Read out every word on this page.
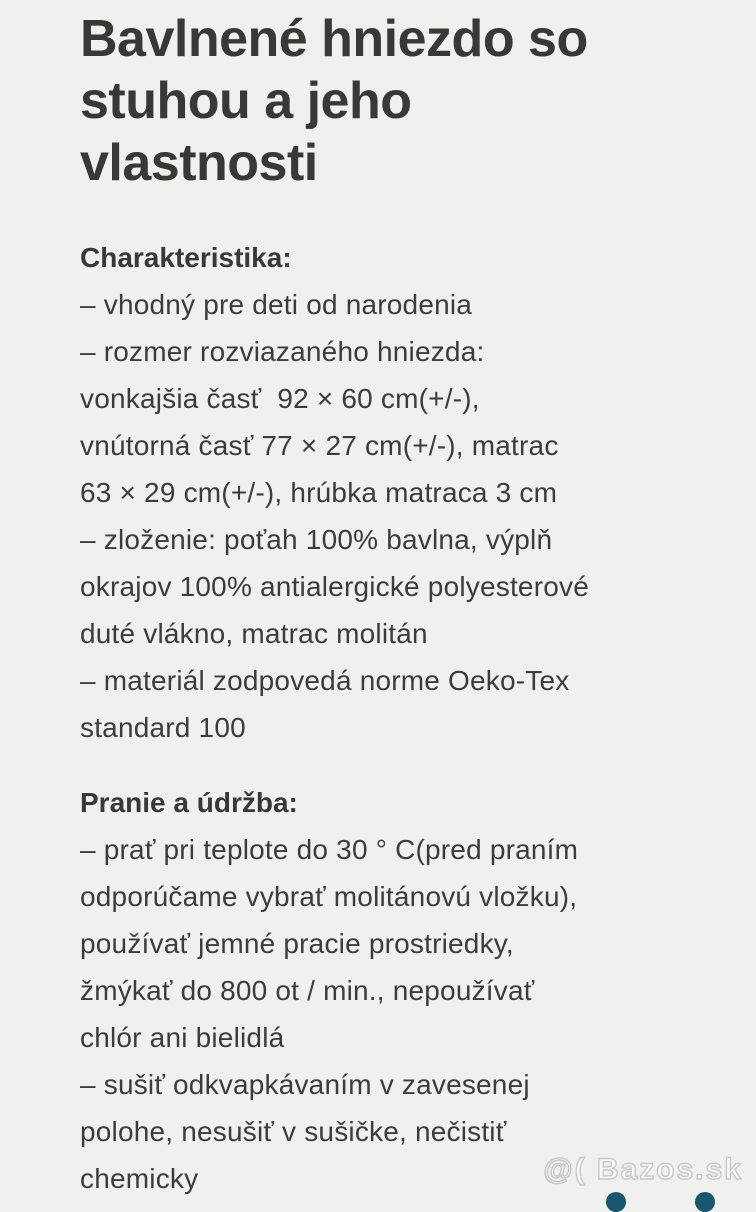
Bavlnené hniezdo so
stuhou a jeho
vlastnosti
Charakteristika:
– vhodný pre deti od narodenia
– rozmer rozviazaného hniezda:
vonkajšia časť  92 × 60 cm(+/-),
vnútorná časť 77 × 27 cm(+/-), matrac
63 × 29 cm(+/-), hrúbka matraca 3 cm
– zloženie: poťah 100% bavlna, výplň
okrajov 100% antialergické polyesterové
duté vlákno, matrac molitán
– materiál zodpovedá norme Oeko-Tex
standard 100
Pranie a údržba:
– prať pri teplote do 30 ° C(pred praním
odporúčame vybrať molitánovú vložku),
používať jemné pracie prostriedky,
žmýkať do 800 ot / min., nepoužívať
chlór ani bielidlá
– sušiť odkvapkávaním v zavesenej
polohe, nesušiť v sušičke, nečistiť
chemicky	@( Bazos.sk
